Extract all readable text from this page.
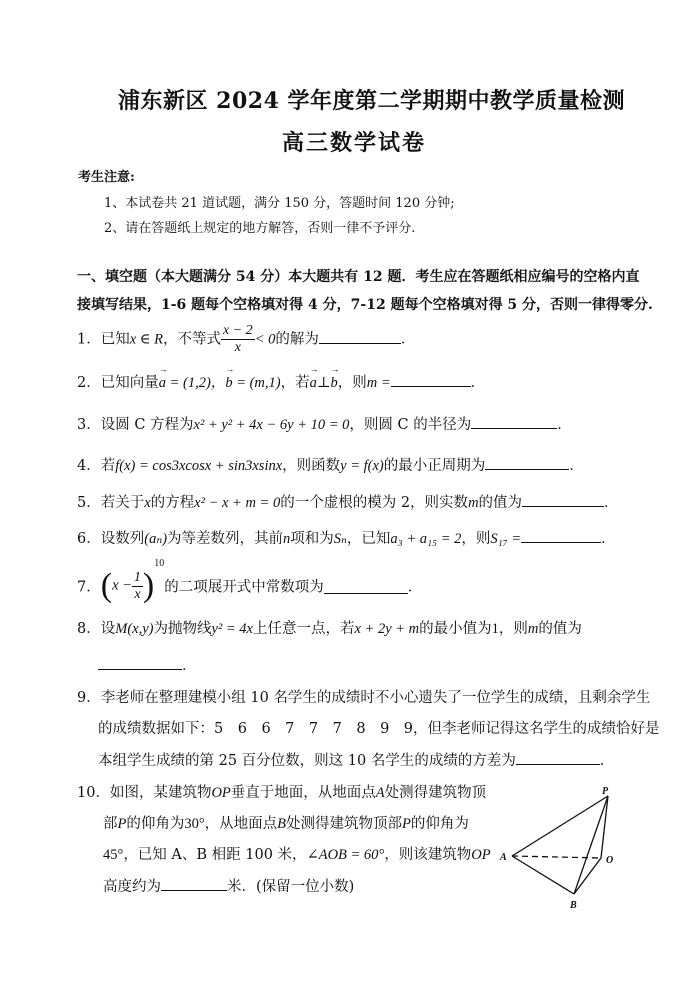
浦东新区 2024 学年度第二学期期中教学质量检测
高三数学试卷
考生注意:
1、本试卷共 21 道试题，满分 150 分，答题时间 120 分钟;
2、请在答题纸上规定的地方解答，否则一律不予评分.
一、填空题（本大题满分 54 分）本大题共有 12 题．考生应在答题纸相应编号的空格内直
接填写结果，1-6 题每个空格填对得 4 分，7-12 题每个空格填对得 5 分，否则一律得零分.
1．已知x ∈ R，不等式 $\frac{x - 2}{x} < 0$的解为	．
2．已知向量→ a = (1,2)，→ b = (m,1)，若→ a⊥→ b，则m =	．
3．设圆 C 方程为x² + y² + 4x − 6y + 10 = 0，则圆 C 的半径为	．
4．若f(x) = cos3xcosx + sin3xsinx，则函数y = f(x)的最小正周期为	．
5．若关于x的方程x² − x + m = 0的一个虚根的模为 2，则实数m的值为	．
6．设数列(aₙ)为等差数列，其前n项和为Sₙ，已知a₃ + a₁₅ = 2，则S₁₇ =	．
7．$(x - \frac{1}{x} )^{10}$的二项展开式中常数项为	．
8．设M(x,y)为抛物线y² = 4x上任意一点，若x + 2y + m的最小值为1，则m的值为
．
9．李老师在整理建模小组 10 名学生的成绩时不小心遗失了一位学生的成绩，且剩余学生
的成绩数据如下：5　6　6　7　7　7　8　9　9，但李老师记得这名学生的成绩恰好是
本组学生成绩的第 25 百分位数，则这 10 名学生的成绩的方差为	．
10．如图，某建筑物OP垂直于地面，从地面点A处测得建筑物顶
部P的仰角为30°，从地面点B处测得建筑物顶部P的仰角为
45°，已知 A、B 相距 100 米，∠AOB = 60°，则该建筑物OP
高度约为	米．(保留一位小数)
P
A	O
B
